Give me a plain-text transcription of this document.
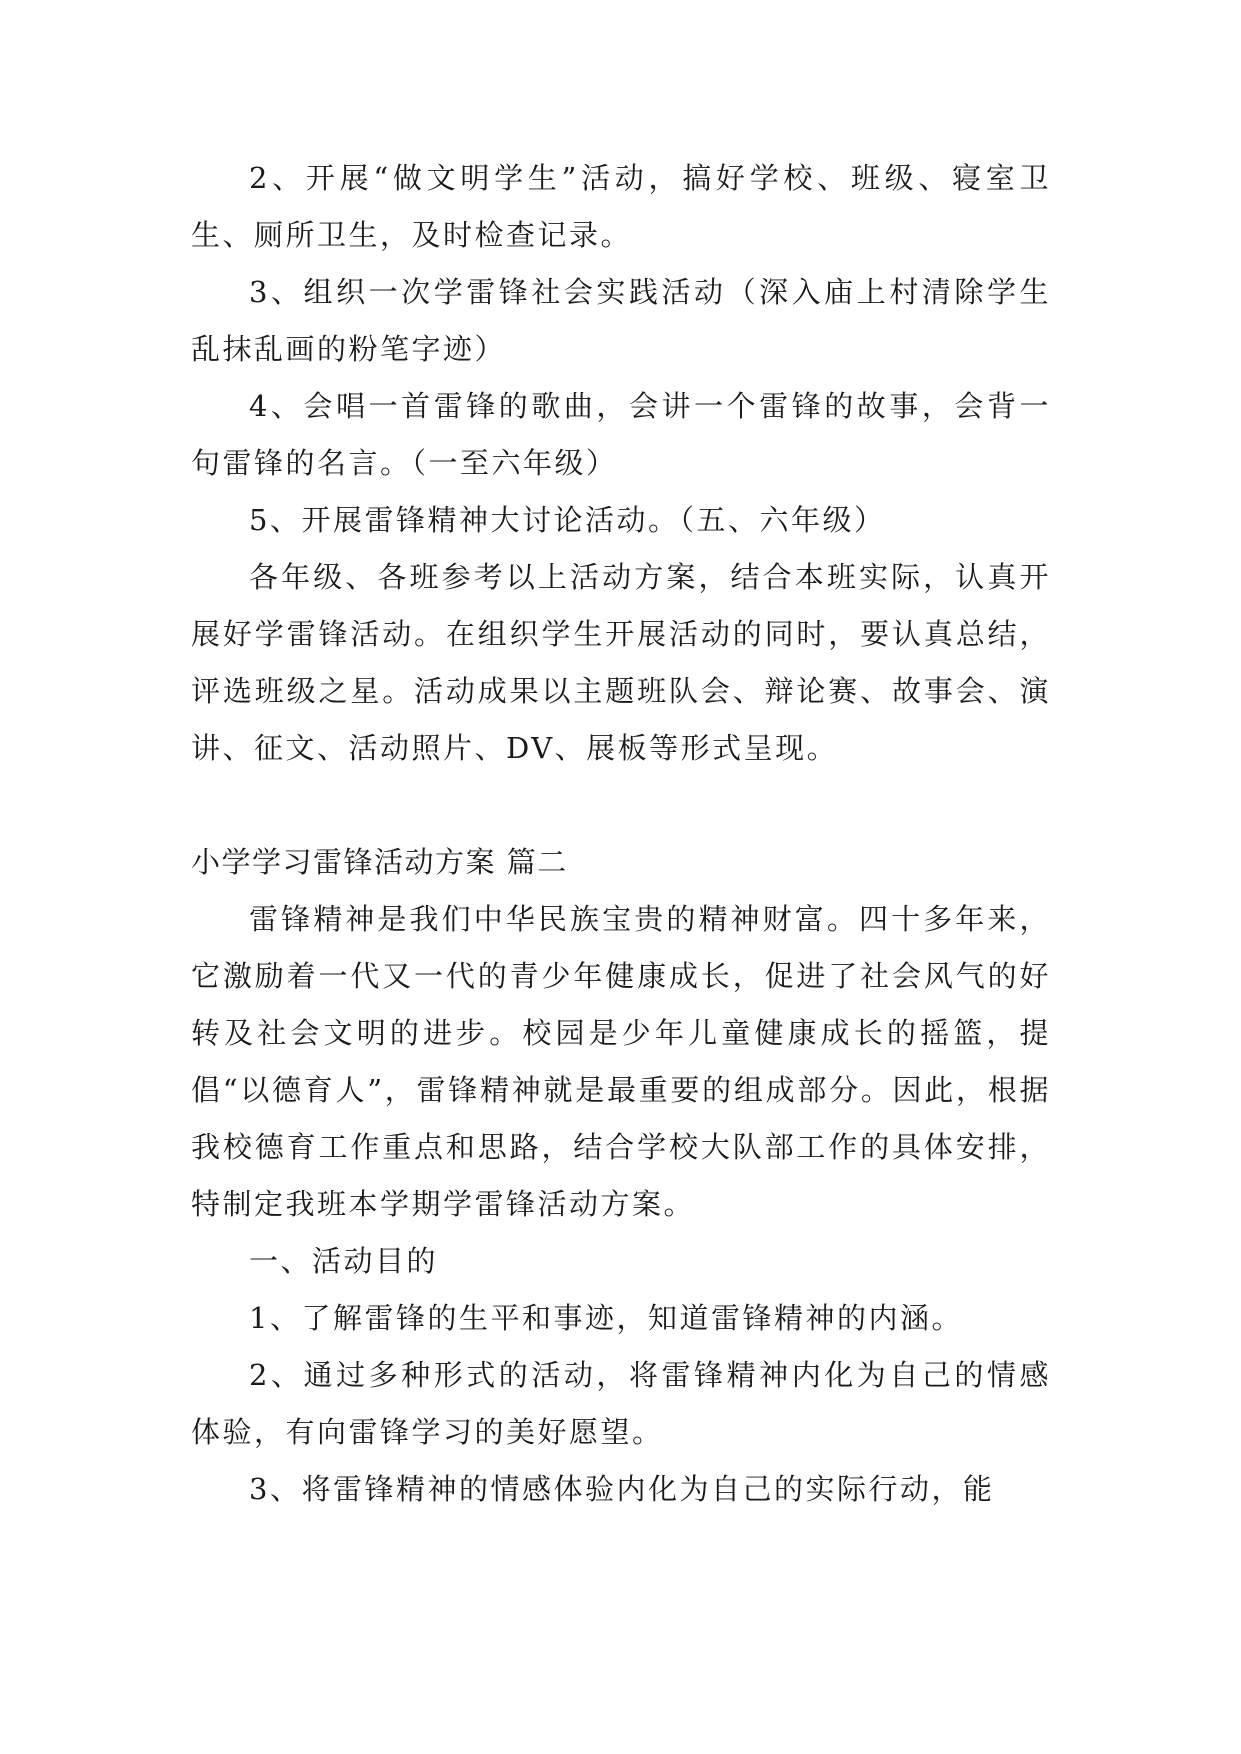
2、开展“做文明学生”活动，搞好学校、班级、寝室卫生、厕所卫生，及时检查记录。

3、组织一次学雷锋社会实践活动（深入庙上村清除学生乱抹乱画的粉笔字迹）

4、会唱一首雷锋的歌曲，会讲一个雷锋的故事，会背一句雷锋的名言。（一至六年级）

5、开展雷锋精神大讨论活动。（五、六年级）

各年级、各班参考以上活动方案，结合本班实际，认真开展好学雷锋活动。在组织学生开展活动的同时，要认真总结，评选班级之星。活动成果以主题班队会、辩论赛、故事会、演讲、征文、活动照片、DV、展板等形式呈现。

小学学习雷锋活动方案 篇二

雷锋精神是我们中华民族宝贵的精神财富。四十多年来，它激励着一代又一代的青少年健康成长，促进了社会风气的好转及社会文明的进步。校园是少年儿童健康成长的摇篮，提倡“以德育人”，雷锋精神就是最重要的组成部分。因此，根据我校德育工作重点和思路，结合学校大队部工作的具体安排，特制定我班本学期学雷锋活动方案。

一、活动目的

1、了解雷锋的生平和事迹，知道雷锋精神的内涵。

2、通过多种形式的活动，将雷锋精神内化为自己的情感体验，有向雷锋学习的美好愿望。

3、将雷锋精神的情感体验内化为自己的实际行动，能
